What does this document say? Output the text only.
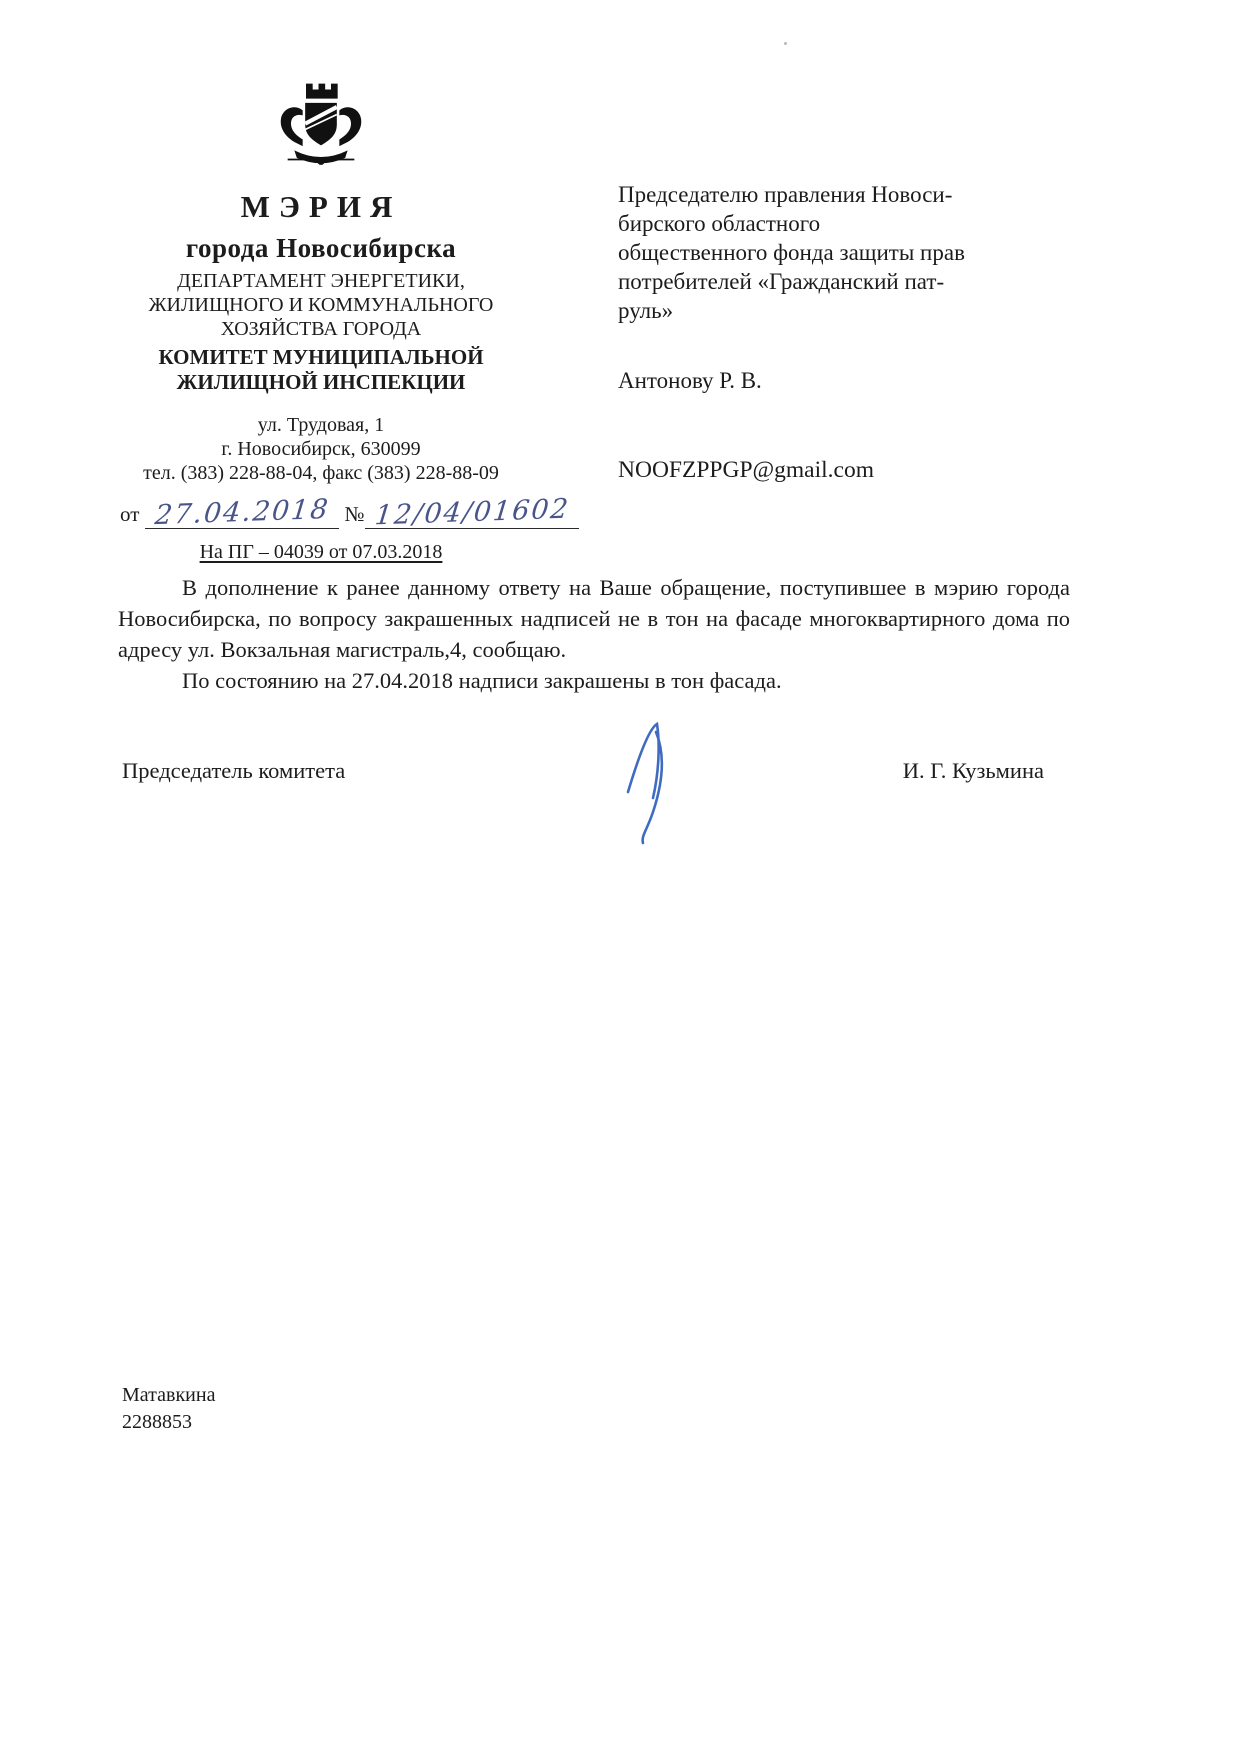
МЭРИЯ
города Новосибирска
ДЕПАРТАМЕНТ ЭНЕРГЕТИКИ,
ЖИЛИЩНОГО И КОММУНАЛЬНОГО
ХОЗЯЙСТВА ГОРОДА
КОМИТЕТ МУНИЦИПАЛЬНОЙ
ЖИЛИЩНОЙ ИНСПЕКЦИИ
ул. Трудовая, 1
г. Новосибирск, 630099
тел. (383) 228-88-04, факс (383) 228-88-09
от 27.04.2018 № 12/04/01602
На ПГ – 04039 от 07.03.2018
Председателю правления Новоси-
бирского областного
общественного фонда защиты прав
потребителей «Гражданский пат-
руль»
Антонову Р. В.
NOOFZPPGP@gmail.com

В дополнение к ранее данному ответу на Ваше обращение, поступившее в мэрию города Новосибирска, по вопросу закрашенных надписей не в тон на фасаде многоквартирного дома по адресу ул. Вокзальная магистраль,4, сообщаю.

По состоянию на 27.04.2018 надписи закрашены в тон фасада.

Председатель комитета	И. Г. Кузьмина
Матавкина
2288853
